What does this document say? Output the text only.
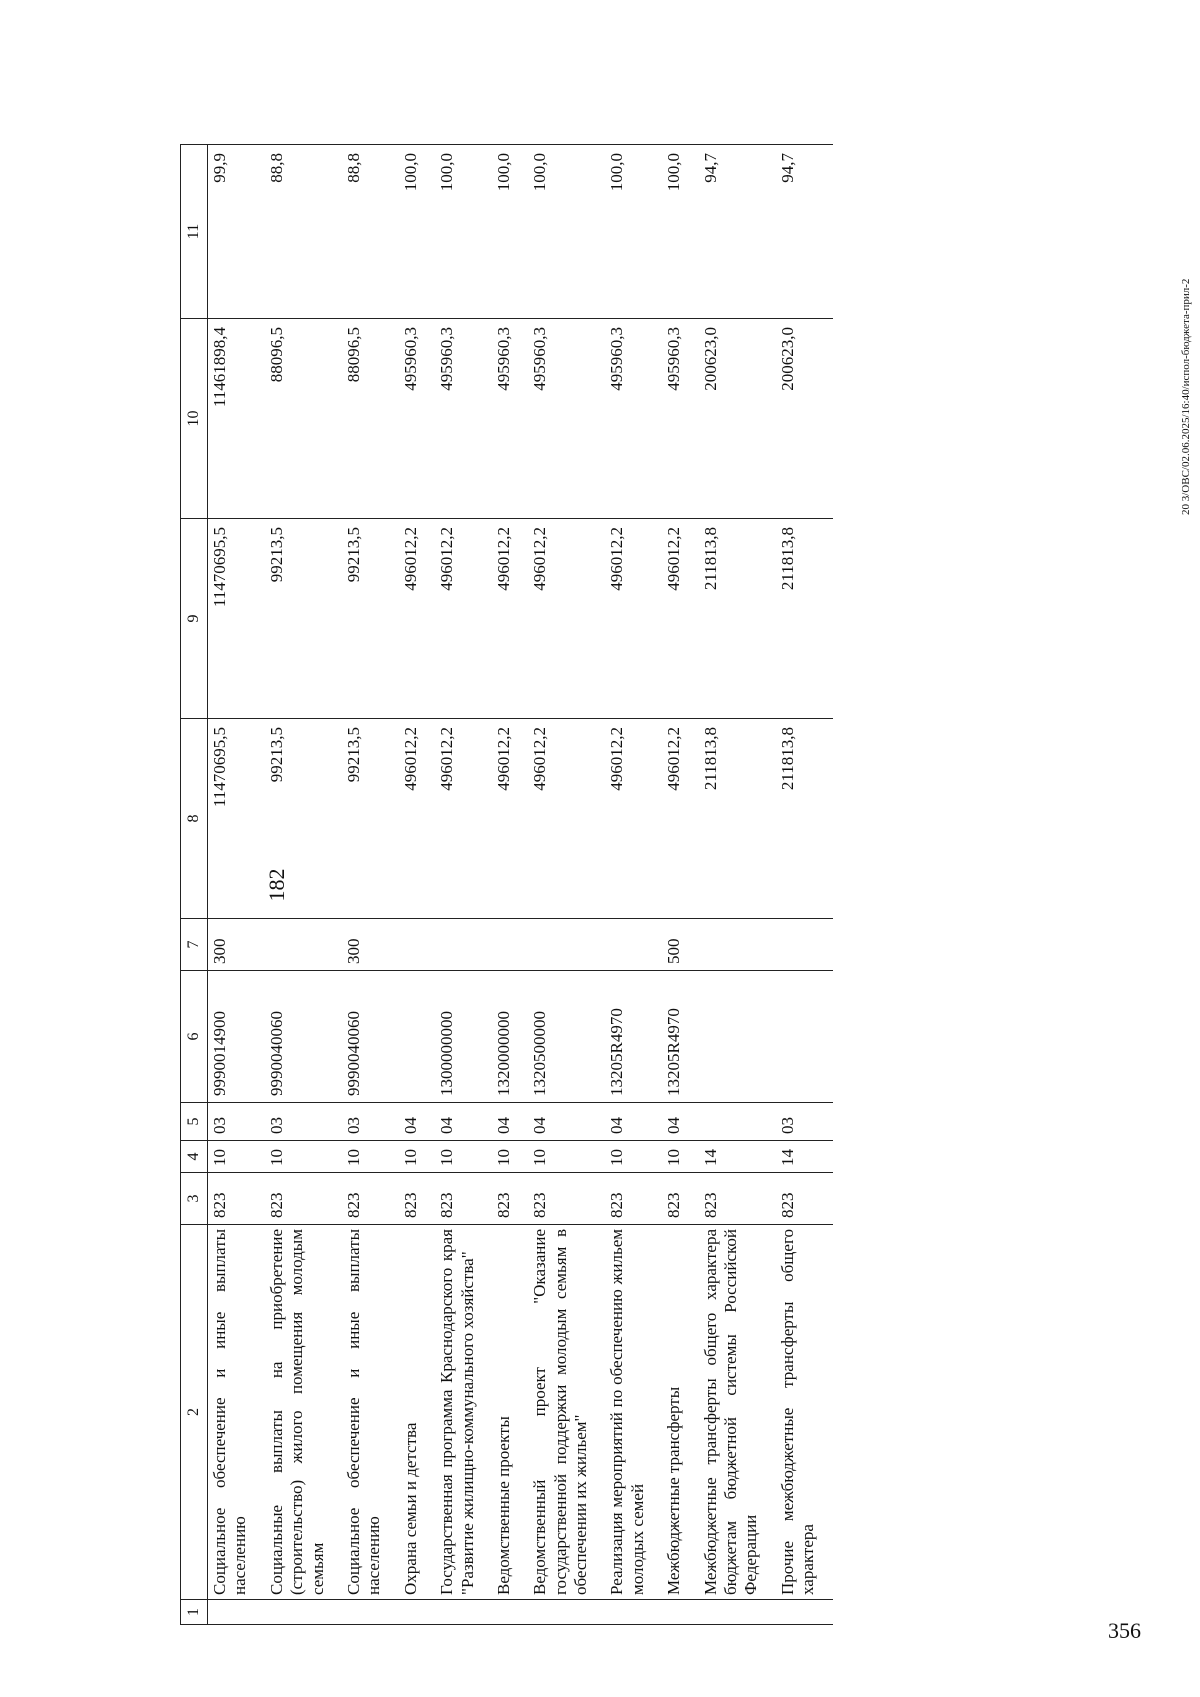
356
182
1	2	3	4	5	6	7	8	9	10	11
	Социальное обеспечение и иные выплаты населению	823	10	03	9990014900	300	11470695,5	11470695,5	11461898,4	99,9
	Социальные выплаты на приобретение (строительство) жилого помещения молодым семьям	823	10	03	9990040060		99213,5	99213,5	88096,5	88,8
	Социальное обеспечение и иные выплаты населению	823	10	03	9990040060	300	99213,5	99213,5	88096,5	88,8
	Охрана семьи и детства	823	10	04			496012,2	496012,2	495960,3	100,0
	Государственная программа Краснодарского края "Развитие жилищно-коммунального хозяйства"	823	10	04	1300000000		496012,2	496012,2	495960,3	100,0
	Ведомственные проекты	823	10	04	1320000000		496012,2	496012,2	495960,3	100,0
	Ведомственный проект "Оказание государственной поддержки молодым семьям в обеспечении их жильем"	823	10	04	1320500000		496012,2	496012,2	495960,3	100,0
	Реализация мероприятий по обеспечению жильем молодых семей	823	10	04	13205R4970		496012,2	496012,2	495960,3	100,0
	Межбюджетные трансферты	823	10	04	13205R4970	500	496012,2	496012,2	495960,3	100,0
	Межбюджетные трансферты общего характера бюджетам бюджетной системы Российской Федерации	823	14				211813,8	211813,8	200623,0	94,7
	Прочие межбюджетные трансферты общего характера	823	14	03			211813,8	211813,8	200623,0	94,7
20 3/ОВС/02.06.2025/16:40/испол-бюджета-прил-2
